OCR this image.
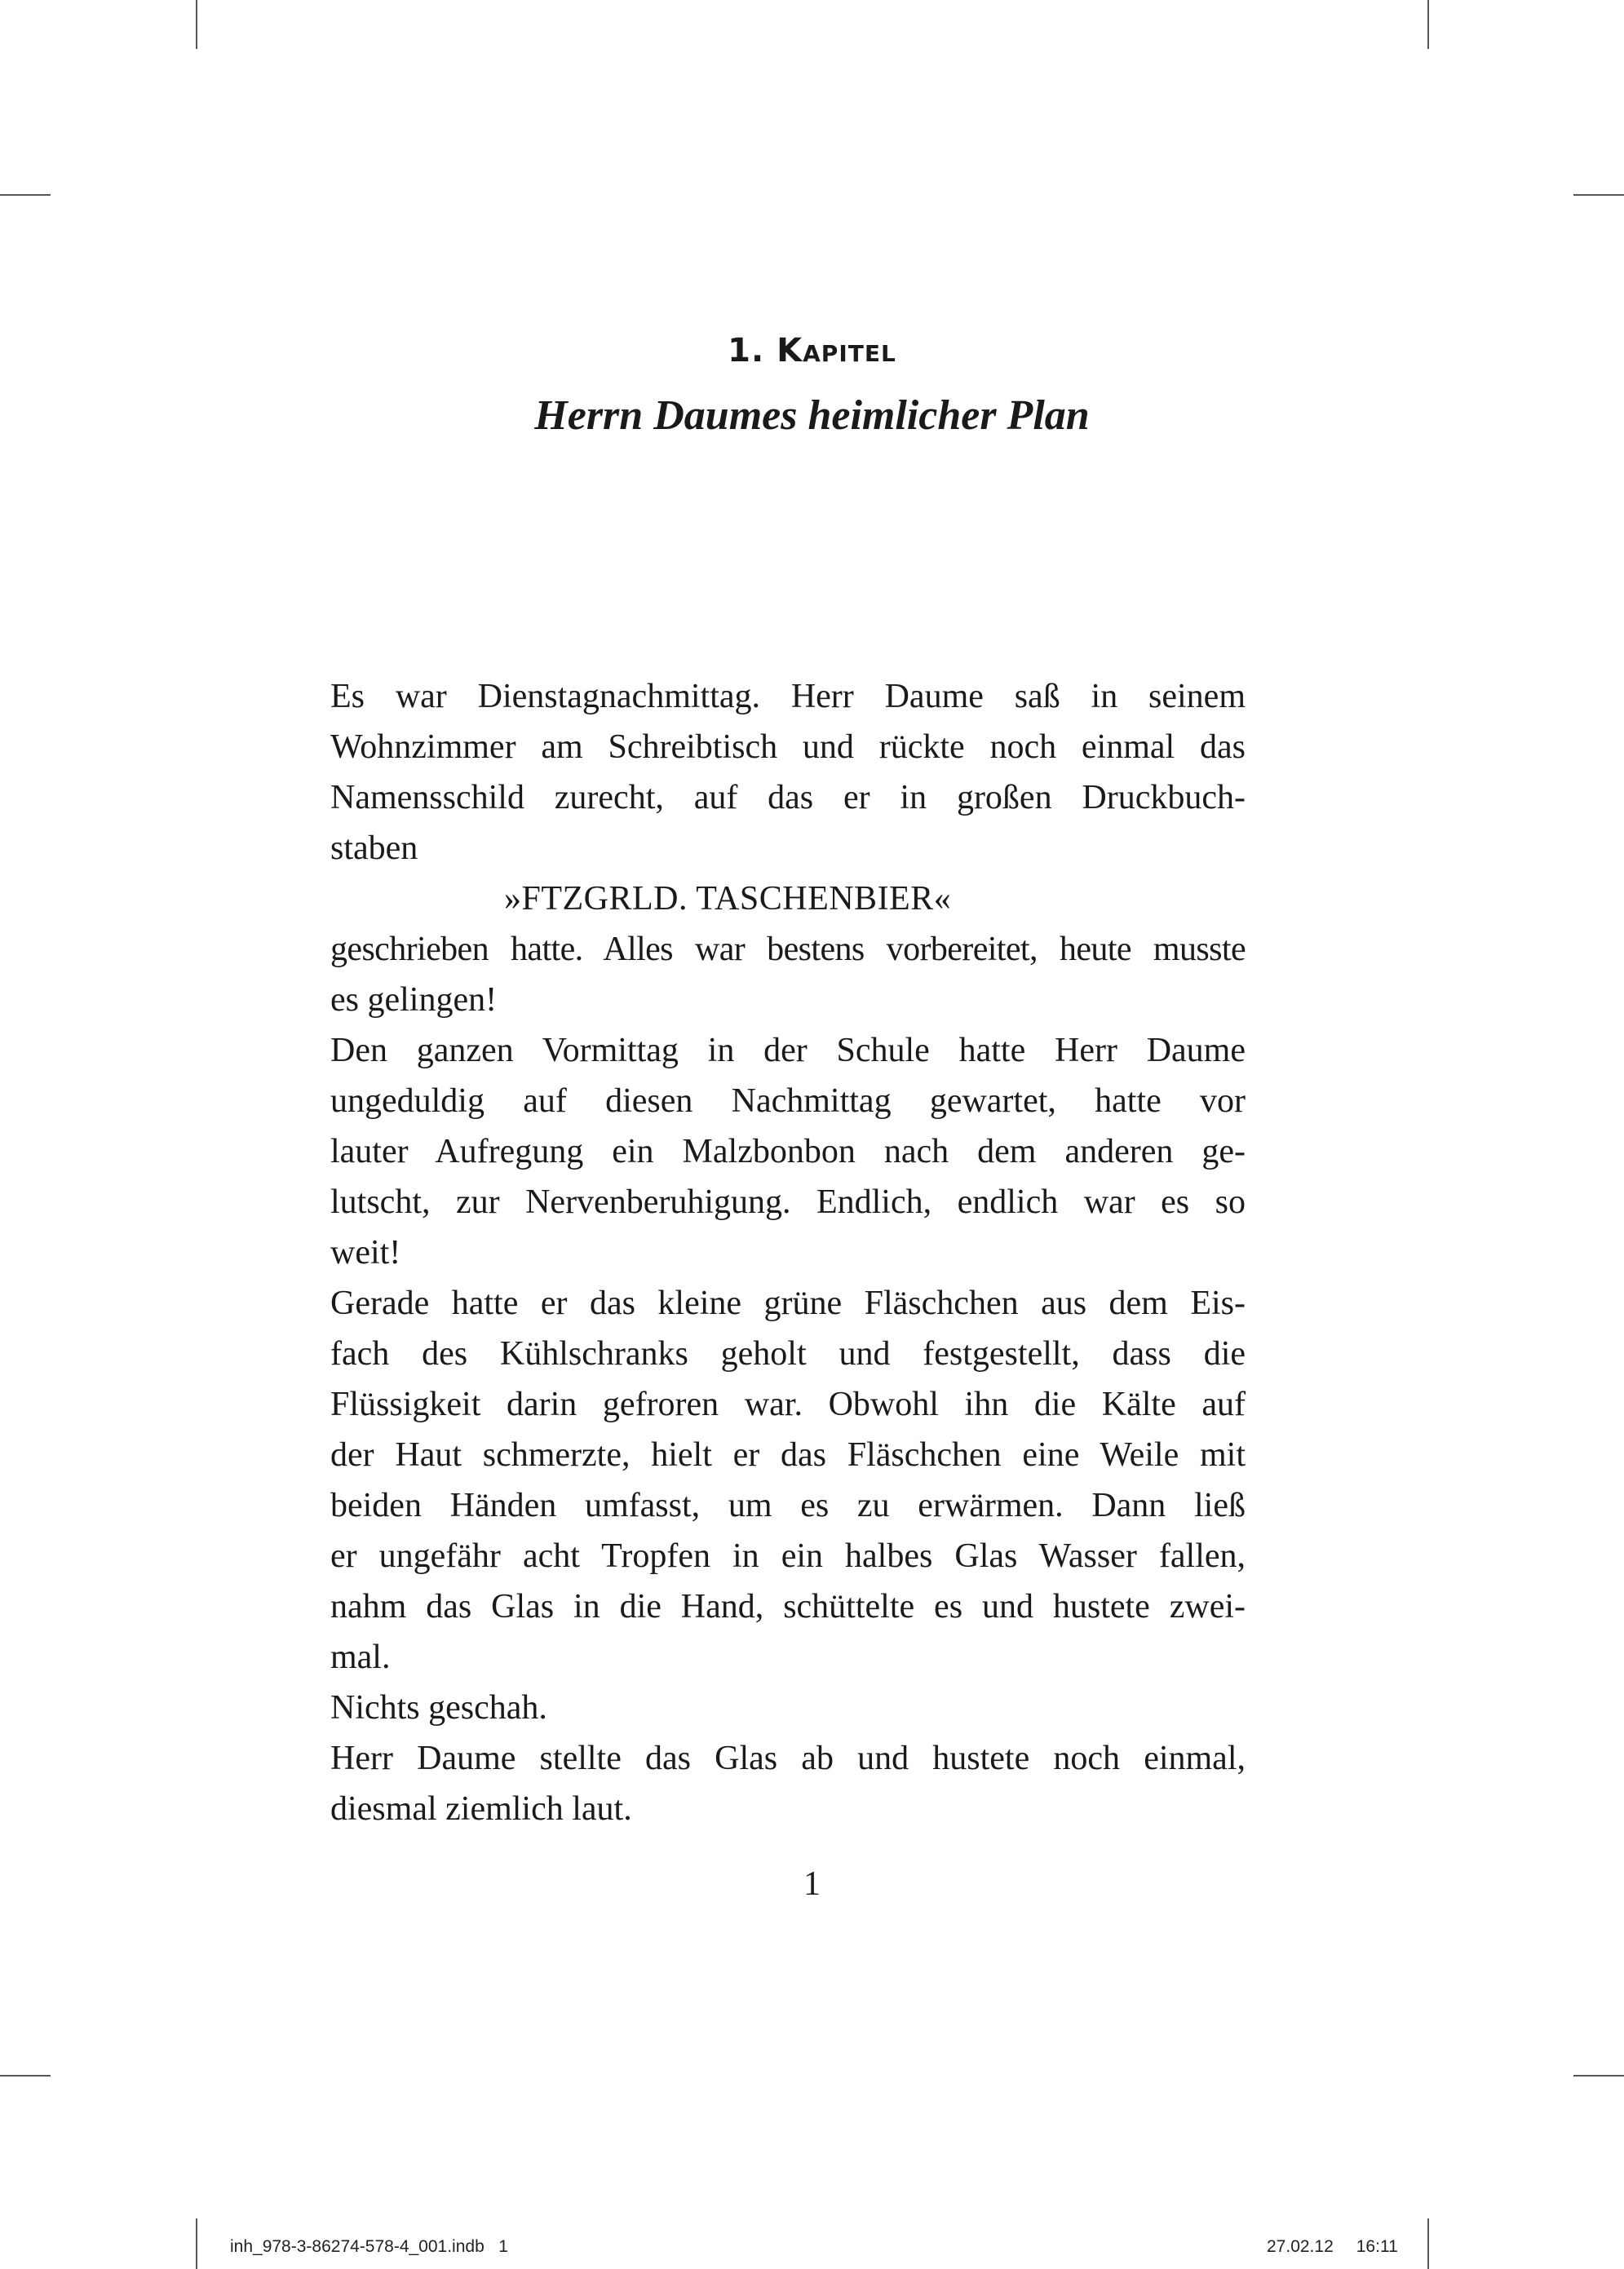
1. Kapitel
Herrn Daumes heimlicher Plan
Es war Dienstagnachmittag. Herr Daume saß in seinem
Wohnzimmer am Schreibtisch und rückte noch einmal das
Namensschild zurecht, auf das er in großen Druckbuch-
staben
»FTZGRLD. TASCHENBIER«
geschrieben hatte. Alles war bestens vorbereitet, heute musste
es gelingen!
Den ganzen Vormittag in der Schule hatte Herr Daume
ungeduldig auf diesen Nachmittag gewartet, hatte vor
lauter Aufregung ein Malzbonbon nach dem anderen ge-
lutscht, zur Nervenberuhigung. Endlich, endlich war es so
weit!
Gerade hatte er das kleine grüne Fläschchen aus dem Eis-
fach des Kühlschranks geholt und festgestellt, dass die
Flüssigkeit darin gefroren war. Obwohl ihn die Kälte auf
der Haut schmerzte, hielt er das Fläschchen eine Weile mit
beiden Händen umfasst, um es zu erwärmen. Dann ließ
er ungefähr acht Tropfen in ein halbes Glas Wasser fallen,
nahm das Glas in die Hand, schüttelte es und hustete zwei-
mal.
Nichts geschah.
Herr Daume stellte das Glas ab und hustete noch einmal,
diesmal ziemlich laut.
1
inh_978-3-86274-578-4_001.indb   1	27.02.12 16:11
